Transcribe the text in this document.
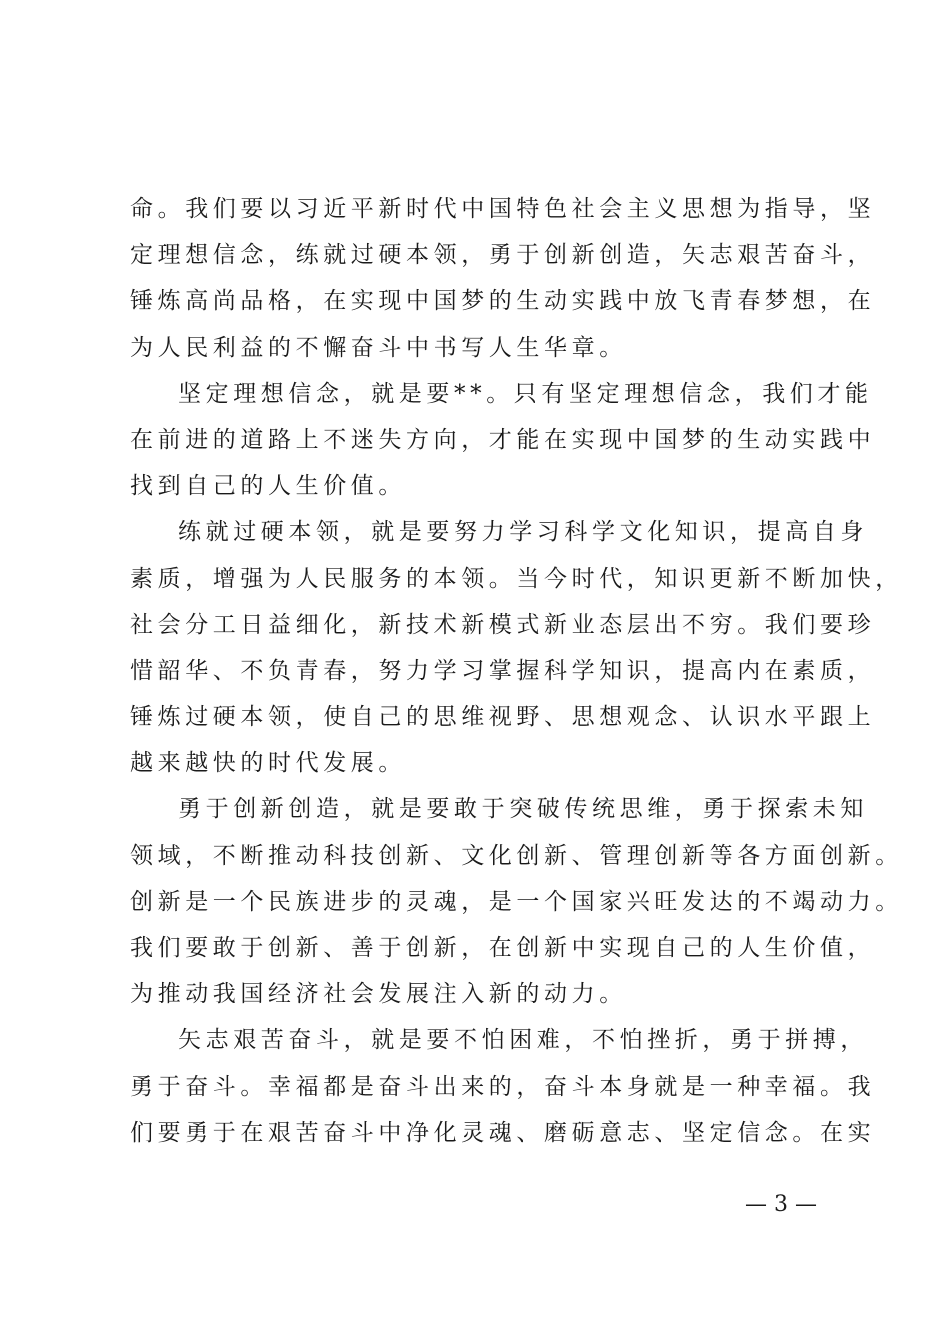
命。我们要以习近平新时代中国特色社会主义思想为指导，坚
定理想信念，练就过硬本领，勇于创新创造，矢志艰苦奋斗，
锤炼高尚品格，在实现中国梦的生动实践中放飞青春梦想，在
为人民利益的不懈奋斗中书写人生华章。
坚定理想信念，就是要**。只有坚定理想信念，我们才能
在前进的道路上不迷失方向，才能在实现中国梦的生动实践中
找到自己的人生价值。
练就过硬本领，就是要努力学习科学文化知识，提高自身
素质，增强为人民服务的本领。当今时代，知识更新不断加快，
社会分工日益细化，新技术新模式新业态层出不穷。我们要珍
惜韶华、不负青春，努力学习掌握科学知识，提高内在素质，
锤炼过硬本领，使自己的思维视野、思想观念、认识水平跟上
越来越快的时代发展。
勇于创新创造，就是要敢于突破传统思维，勇于探索未知
领域，不断推动科技创新、文化创新、管理创新等各方面创新。
创新是一个民族进步的灵魂，是一个国家兴旺发达的不竭动力。
我们要敢于创新、善于创新，在创新中实现自己的人生价值，
为推动我国经济社会发展注入新的动力。
矢志艰苦奋斗，就是要不怕困难，不怕挫折，勇于拼搏，
勇于奋斗。幸福都是奋斗出来的，奋斗本身就是一种幸福。我
们要勇于在艰苦奋斗中净化灵魂、磨砺意志、坚定信念。在实
— 3 —
